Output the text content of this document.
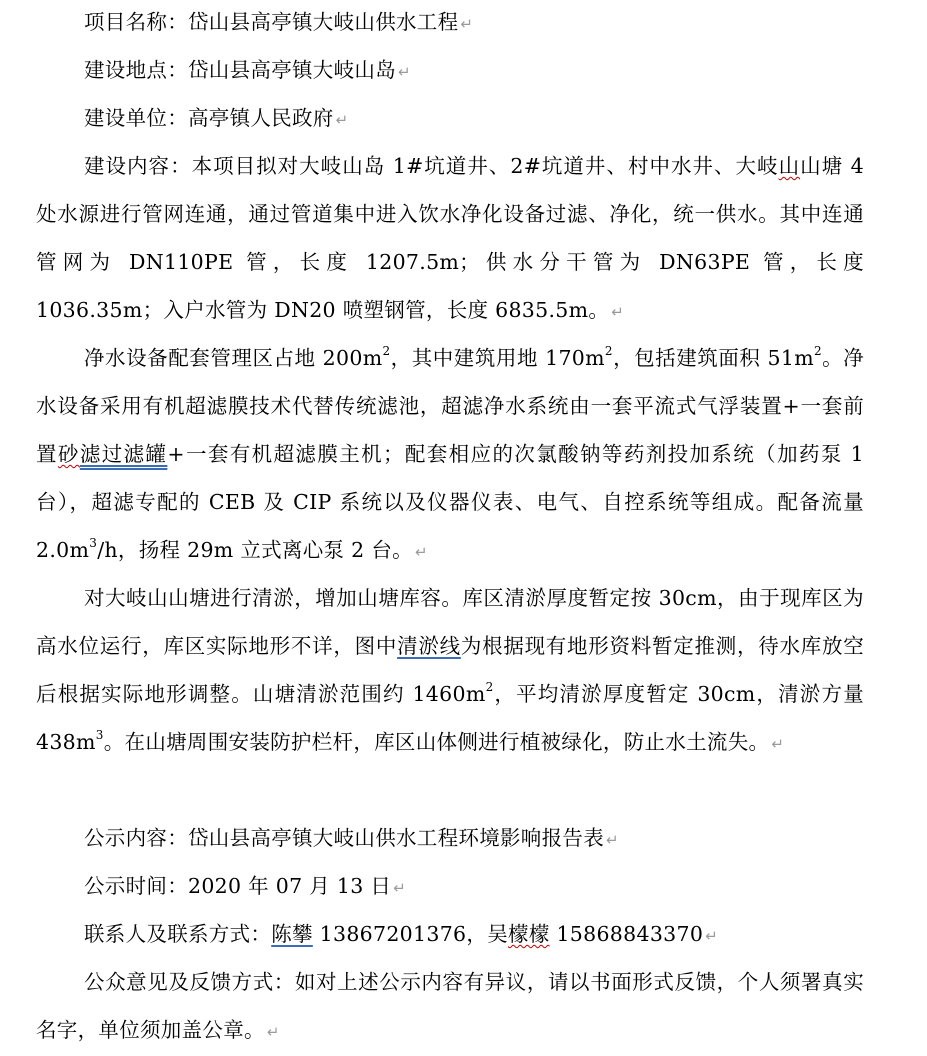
项目名称：岱山县高亭镇大岐山供水工程 ↵

建设地点：岱山县高亭镇大岐山岛 ↵

建设单位：高亭镇人民政府 ↵

建设内容：本项目拟对大岐山岛 1#坑道井、2#坑道井、村中水井、大岐山山塘 4 处水源进行管网连通，通过管道集中进入饮水净化设备过滤、净化，统一供水。其中连通管网为 DN110PE 管，长度 1207.5m；供水分干管为 DN63PE 管，长度 1036.35m；入户水管为 DN20 喷塑钢管，长度 6835.5m。 ↵

净水设备配套管理区占地 $200m^2$，其中建筑用地 $170m^2$，包括建筑面积 $51m^2$。净水设备采用有机超滤膜技术代替传统滤池，超滤净水系统由一套平流式气浮装置+一套前置砂滤过滤罐+一套有机超滤膜主机；配套相应的次氯酸钠等药剂投加系统（加药泵 1 台），超滤专配的 CEB 及 CIP 系统以及仪器仪表、电气、自控系统等组成。配备流量 $2.0m^3/h$，扬程 29m 立式离心泵 2 台。 ↵

对大岐山山塘进行清淤，增加山塘库容。库区清淤厚度暂定按 30cm，由于现库区为高水位运行，库区实际地形不详，图中清淤线为根据现有地形资料暂定推测，待水库放空后根据实际地形调整。山塘清淤范围约 $1460m^2$，平均清淤厚度暂定 30cm，清淤方量 $438m^3$。在山塘周围安装防护栏杆，库区山体侧进行植被绿化，防止水土流失。 ↵

公示内容：岱山县高亭镇大岐山供水工程环境影响报告表 ↵

公示时间：2020 年 07 月 13 日 ↵

联系人及联系方式：陈攀 13867201376，吴檬檬 15868843370 ↵

公众意见及反馈方式：如对上述公示内容有异议，请以书面形式反馈，个人须署真实名字，单位须加盖公章。 ↵
